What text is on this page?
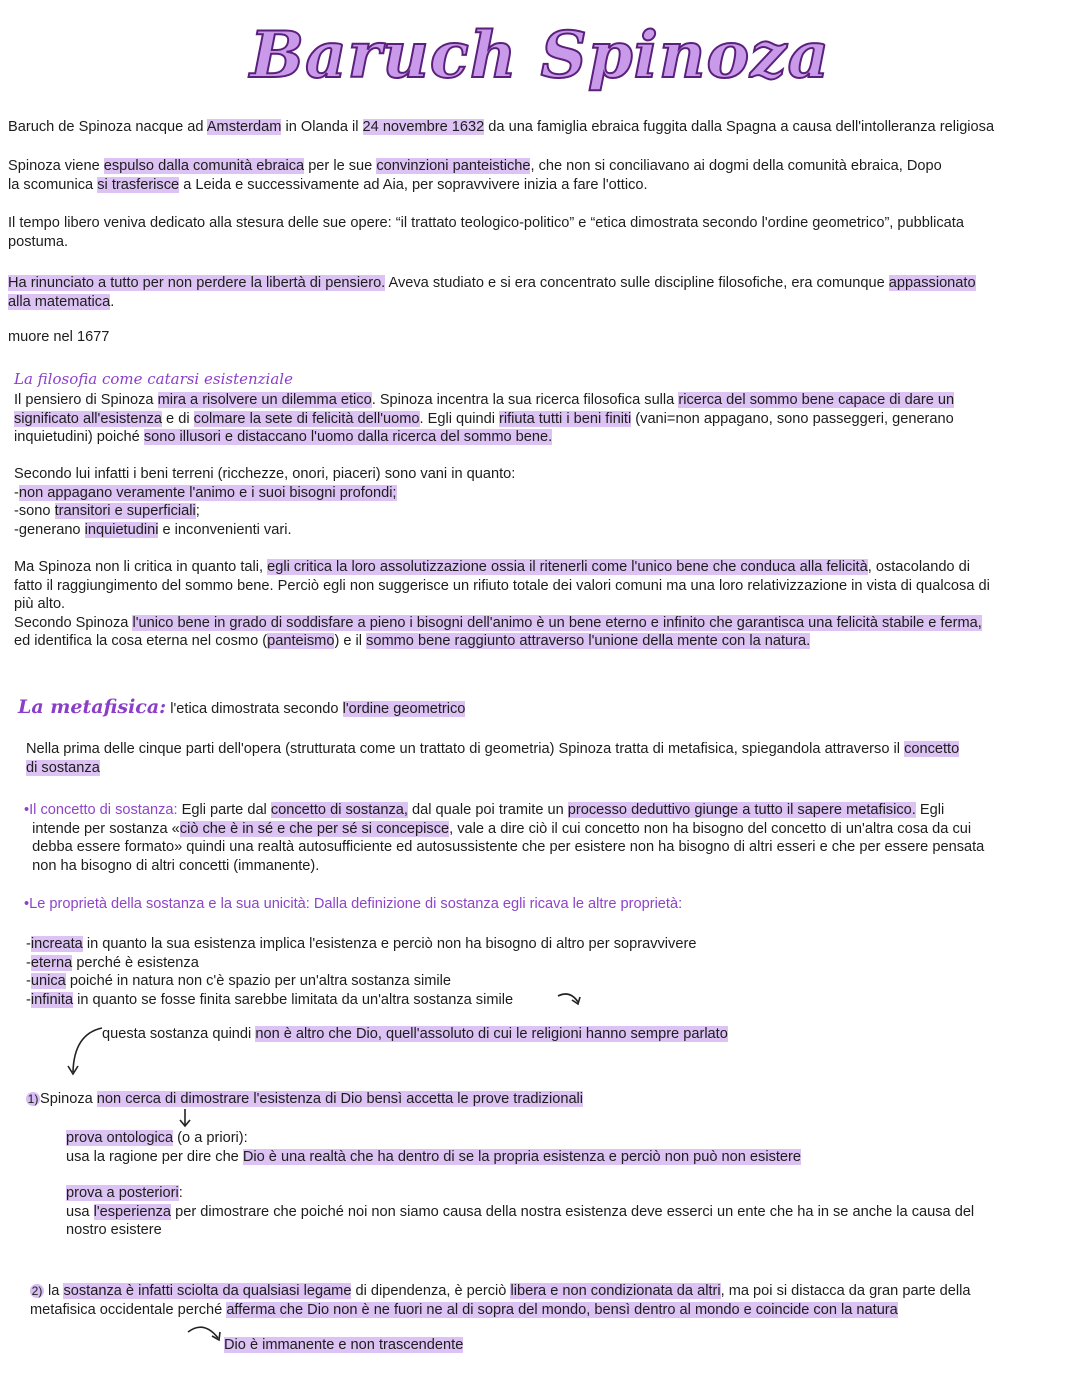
Baruch Spinoza

Baruch de Spinoza nacque ad Amsterdam in Olanda il 24 novembre 1632 da una famiglia ebraica fuggita dalla Spagna a causa dell'intolleranza religiosa

Spinoza viene espulso dalla comunità ebraica per le sue convinzioni panteistiche, che non si conciliavano ai dogmi della comunità ebraica, Dopo
la scomunica si trasferisce a Leida e successivamente ad Aia, per sopravvivere inizia a fare l'ottico.

Il tempo libero veniva dedicato alla stesura delle sue opere: “il trattato teologico-politico” e “etica dimostrata secondo l'ordine geometrico”, pubblicata
postuma.

Ha rinunciato a tutto per non perdere la libertà di pensiero. Aveva studiato e si era concentrato sulle discipline filosofiche, era comunque appassionato
alla matematica.

muore nel 1677

La filosofia come catarsi esistenziale

Il pensiero di Spinoza mira a risolvere un dilemma etico. Spinoza incentra la sua ricerca filosofica sulla ricerca del sommo bene capace di dare un
significato all'esistenza e di colmare la sete di felicità dell'uomo. Egli quindi rifiuta tutti i beni finiti (vani=non appagano, sono passeggeri, generano
inquietudini) poiché sono illusori e distaccano l'uomo dalla ricerca del sommo bene.

Secondo lui infatti i beni terreni (ricchezze, onori, piaceri) sono vani in quanto:
-non appagano veramente l'animo e i suoi bisogni profondi;
-sono transitori e superficiali;
-generano inquietudini e inconvenienti vari.

Ma Spinoza non li critica in quanto tali, egli critica la loro assolutizzazione ossia il ritenerli come l'unico bene che conduca alla felicità, ostacolando di
fatto il raggiungimento del sommo bene. Perciò egli non suggerisce un rifiuto totale dei valori comuni ma una loro relativizzazione in vista di qualcosa di
più alto.
Secondo Spinoza l'unico bene in grado di soddisfare a pieno i bisogni dell'animo è un bene eterno e infinito che garantisca una felicità stabile e ferma,
ed identifica la cosa eterna nel cosmo (panteismo) e il sommo bene raggiunto attraverso l'unione della mente con la natura.

La metafisica: l'etica dimostrata secondo l'ordine geometrico

Nella prima delle cinque parti dell'opera (strutturata come un trattato di geometria) Spinoza tratta di metafisica, spiegandola attraverso il concetto
di sostanza

•Il concetto di sostanza: Egli parte dal concetto di sostanza, dal quale poi tramite un processo deduttivo giunge a tutto il sapere metafisico. Egli
intende per sostanza «ciò che è in sé e che per sé si concepisce, vale a dire ciò il cui concetto non ha bisogno del concetto di un'altra cosa da cui
debba essere formato» quindi una realtà autosufficiente ed autosussistente che per esistere non ha bisogno di altri esseri e che per essere pensata
non ha bisogno di altri concetti (immanente).

•Le proprietà della sostanza e la sua unicità: Dalla definizione di sostanza egli ricava le altre proprietà:

-increata in quanto la sua esistenza implica l'esistenza e perciò non ha bisogno di altro per sopravvivere
-eterna perché è esistenza
-unica poiché in natura non c'è spazio per un'altra sostanza simile
-infinita in quanto se fosse finita sarebbe limitata da un'altra sostanza simile

questa sostanza quindi non è altro che Dio, quell'assoluto di cui le religioni hanno sempre parlato

1) Spinoza non cerca di dimostrare l'esistenza di Dio bensì accetta le prove tradizionali

prova ontologica (o a priori):
usa la ragione per dire che Dio è una realtà che ha dentro di se la propria esistenza e perciò non può non esistere

prova a posteriori:
usa l'esperienza per dimostrare che poiché noi non siamo causa della nostra esistenza deve esserci un ente che ha in se anche la causa del
nostro esistere

2) la sostanza è infatti sciolta da qualsiasi legame di dipendenza, è perciò libera e non condizionata da altri, ma poi si distacca da gran parte della
metafisica occidentale perché afferma che Dio non è ne fuori ne al di sopra del mondo, bensì dentro al mondo e coincide con la natura

Dio è immanente e non trascendente
